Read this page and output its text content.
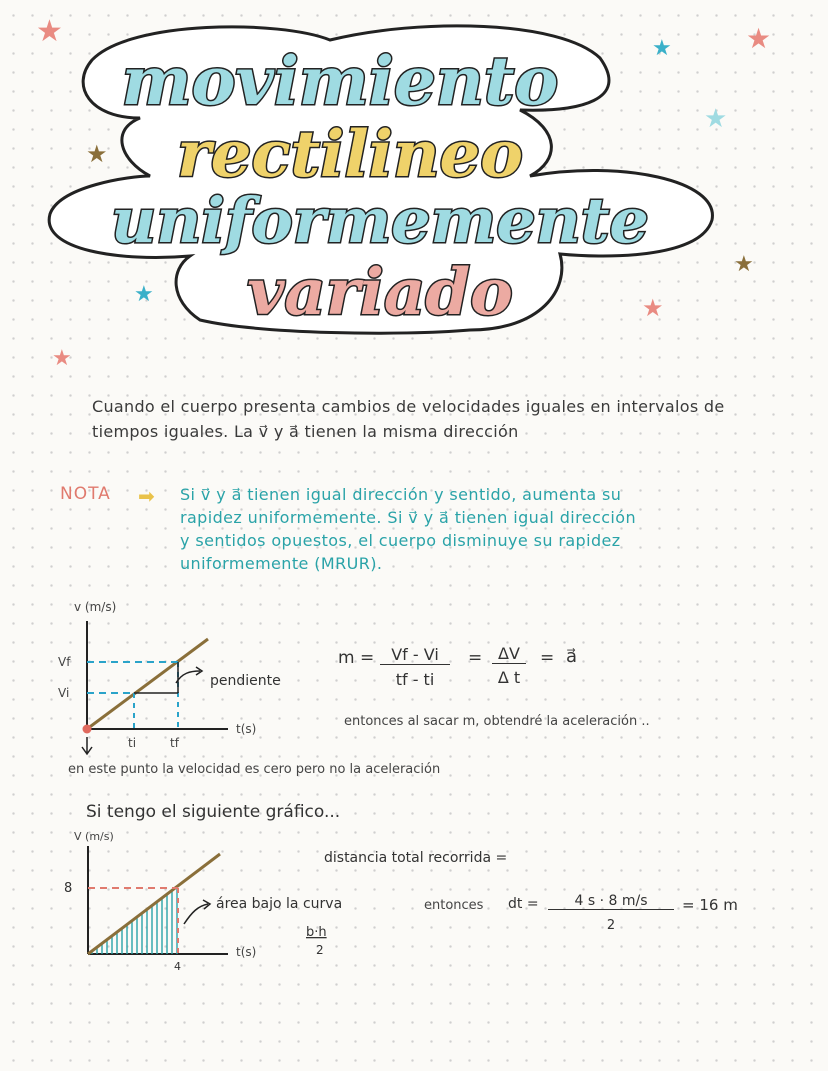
★	★	★
★
★
★
★	★
★
movimiento
rectilineo
uniformemente
variado
Cuando el cuerpo presenta cambios de velocidades iguales en intervalos de
tiempos iguales. La v⃗ y a⃗ tienen la misma dirección
NOTA ➡ Si v⃗ y a⃗ tienen igual dirección y sentido, aumenta su
rapidez uniformemente. Si v⃗ y a⃗ tienen igual dirección
y sentidos opuestos, el cuerpo disminuye su rapidez
uniformemente (MRUR).
v (m/s)
Vf
Vi
ti	tf
pendiente
t(s)
m =	Vf - Vi
tf - ti
= ΔV
Δ t
= a⃗
entonces al sacar m, obtendré la aceleración ..
en este punto la velocidad es cero pero no la aceleración
Si tengo el siguiente gráfico...
V (m/s)
8
4
t(s)
área bajo la curva
b·h
2
distancia total recorrida =
entonces dt =	4 s · 8 m/s
2
= 16 m
